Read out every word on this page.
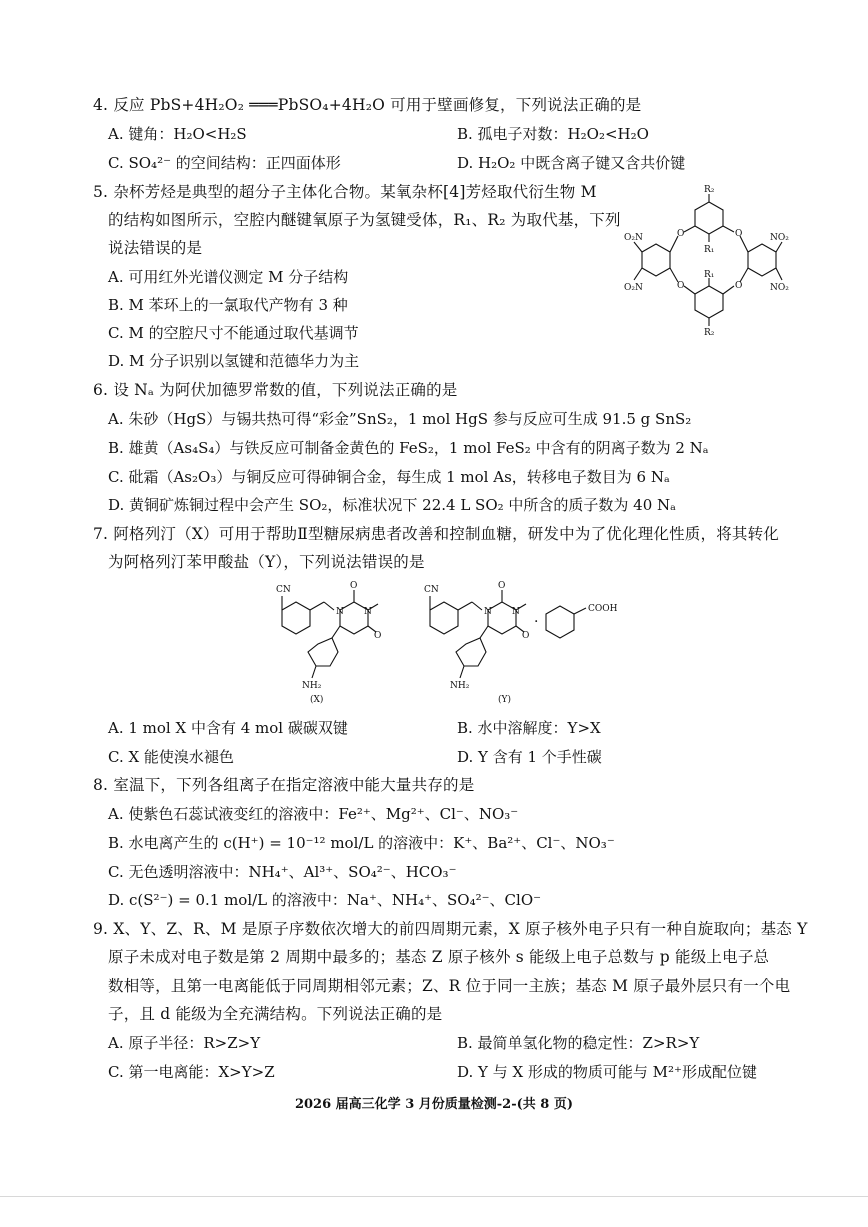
4. 反应 PbS+4H₂O₂ ═══PbSO₄+4H₂O 可用于壁画修复，下列说法正确的是
A. 键角：H₂O<H₂S	B. 孤电子对数：H₂O₂<H₂O
C. SO₄²⁻ 的空间结构：正四面体形	D. H₂O₂ 中既含离子键又含共价键
5. 杂杯芳烃是典型的超分子主体化合物。某氧杂杯[4]芳烃取代衍生物 M
的结构如图所示，空腔内醚键氧原子为氢键受体，R₁、R₂ 为取代基，下列
说法错误的是
A. 可用红外光谱仪测定 M 分子结构
B. M 苯环上的一氯取代产物有 3 种
C. M 的空腔尺寸不能通过取代基调节
D. M 分子识别以氢键和范德华力为主
R₂
R₁
R₁
R₂
O	O
O	O
O₂N
O₂N
NO₂
NO₂
6. 设 Nₐ 为阿伏加德罗常数的值，下列说法正确的是
A. 朱砂（HgS）与锡共热可得“彩金”SnS₂，1 mol HgS 参与反应可生成 91.5 g SnS₂
B. 雄黄（As₄S₄）与铁反应可制备金黄色的 FeS₂，1 mol FeS₂ 中含有的阴离子数为 2 Nₐ
C. 砒霜（As₂O₃）与铜反应可得砷铜合金，每生成 1 mol As，转移电子数目为 6 Nₐ
D. 黄铜矿炼铜过程中会产生 SO₂，标准状况下 22.4 L SO₂ 中所含的质子数为 40 Nₐ
7. 阿格列汀（X）可用于帮助Ⅱ型糖尿病患者改善和控制血糖，研发中为了优化理化性质，将其转化
为阿格列汀苯甲酸盐（Y），下列说法错误的是
CN	O
O
N N
NH₂
(X)
CN	O
O
N N
NH₂
(Y)
·
COOH
A. 1 mol X 中含有 4 mol 碳碳双键	B. 水中溶解度：Y>X
C. X 能使溴水褪色	D. Y 含有 1 个手性碳
8. 室温下，下列各组离子在指定溶液中能大量共存的是
A. 使紫色石蕊试液变红的溶液中：Fe²⁺、Mg²⁺、Cl⁻、NO₃⁻
B. 水电离产生的 c(H⁺) = 10⁻¹² mol/L 的溶液中：K⁺、Ba²⁺、Cl⁻、NO₃⁻
C. 无色透明溶液中：NH₄⁺、Al³⁺、SO₄²⁻、HCO₃⁻
D. c(S²⁻) = 0.1 mol/L 的溶液中：Na⁺、NH₄⁺、SO₄²⁻、ClO⁻
9. X、Y、Z、R、M 是原子序数依次增大的前四周期元素，X 原子核外电子只有一种自旋取向；基态 Y
原子未成对电子数是第 2 周期中最多的；基态 Z 原子核外 s 能级上电子总数与 p 能级上电子总
数相等，且第一电离能低于同周期相邻元素；Z、R 位于同一主族；基态 M 原子最外层只有一个电
子，且 d 能级为全充满结构。下列说法正确的是
A. 原子半径：R>Z>Y	B. 最简单氢化物的稳定性：Z>R>Y
C. 第一电离能：X>Y>Z	D. Y 与 X 形成的物质可能与 M²⁺形成配位键
2026 届高三化学 3 月份质量检测-2-(共 8 页)
